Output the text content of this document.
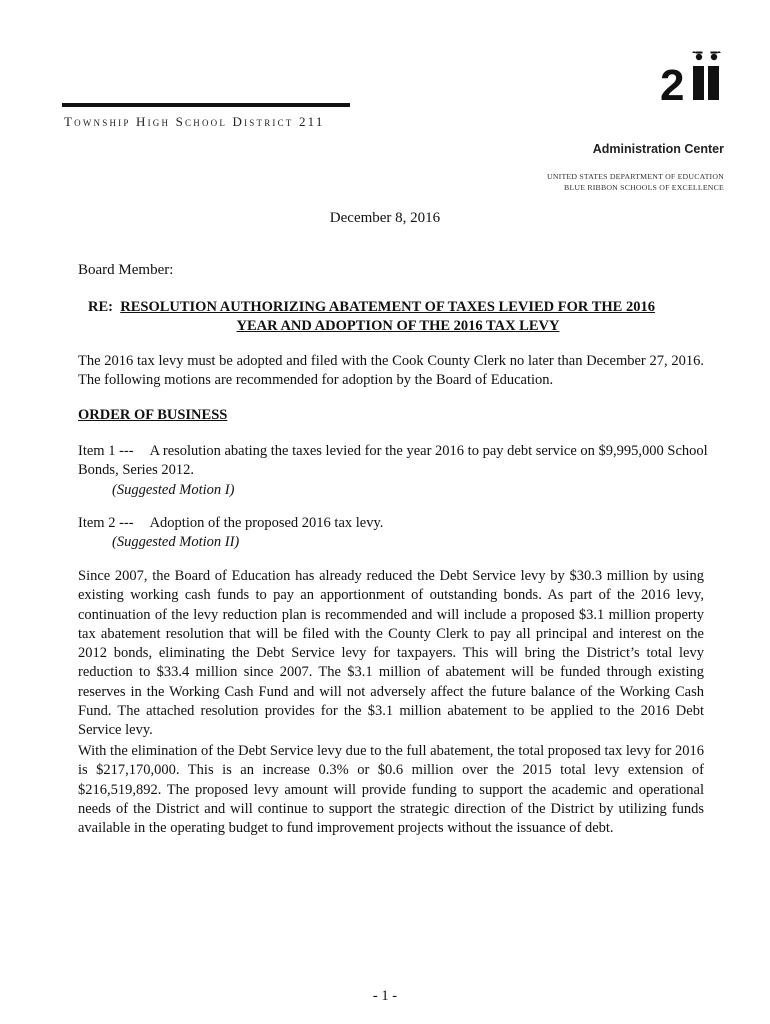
2
Township High School District 211
Administration Center
UNITED STATES DEPARTMENT OF EDUCATION
BLUE RIBBON SCHOOLS OF EXCELLENCE
December 8, 2016
Board Member:
RE: RESOLUTION AUTHORIZING ABATEMENT OF TAXES LEVIED FOR THE 2016
YEAR AND ADOPTION OF THE 2016 TAX LEVY
The 2016 tax levy must be adopted and filed with the Cook County Clerk no later than December 27, 2016. The following motions are recommended for adoption by the Board of Education.
ORDER OF BUSINESS
Item 1 --- A resolution abating the taxes levied for the year 2016 to pay debt service on $9,995,000 School Bonds, Series 2012.
(Suggested Motion I)
Item 2 --- Adoption of the proposed 2016 tax levy.
(Suggested Motion II)
Since 2007, the Board of Education has already reduced the Debt Service levy by $30.3 million by using existing working cash funds to pay an apportionment of outstanding bonds. As part of the 2016 levy, continuation of the levy reduction plan is recommended and will include a proposed $3.1 million property tax abatement resolution that will be filed with the County Clerk to pay all principal and interest on the 2012 bonds, eliminating the Debt Service levy for taxpayers. This will bring the District’s total levy reduction to $33.4 million since 2007. The $3.1 million of abatement will be funded through existing reserves in the Working Cash Fund and will not adversely affect the future balance of the Working Cash Fund. The attached resolution provides for the $3.1 million abatement to be applied to the 2016 Debt Service levy.
With the elimination of the Debt Service levy due to the full abatement, the total proposed tax levy for 2016 is $217,170,000. This is an increase 0.3% or $0.6 million over the 2015 total levy extension of $216,519,892. The proposed levy amount will provide funding to support the academic and operational needs of the District and will continue to support the strategic direction of the District by utilizing funds available in the operating budget to fund improvement projects without the issuance of debt.
- 1 -
